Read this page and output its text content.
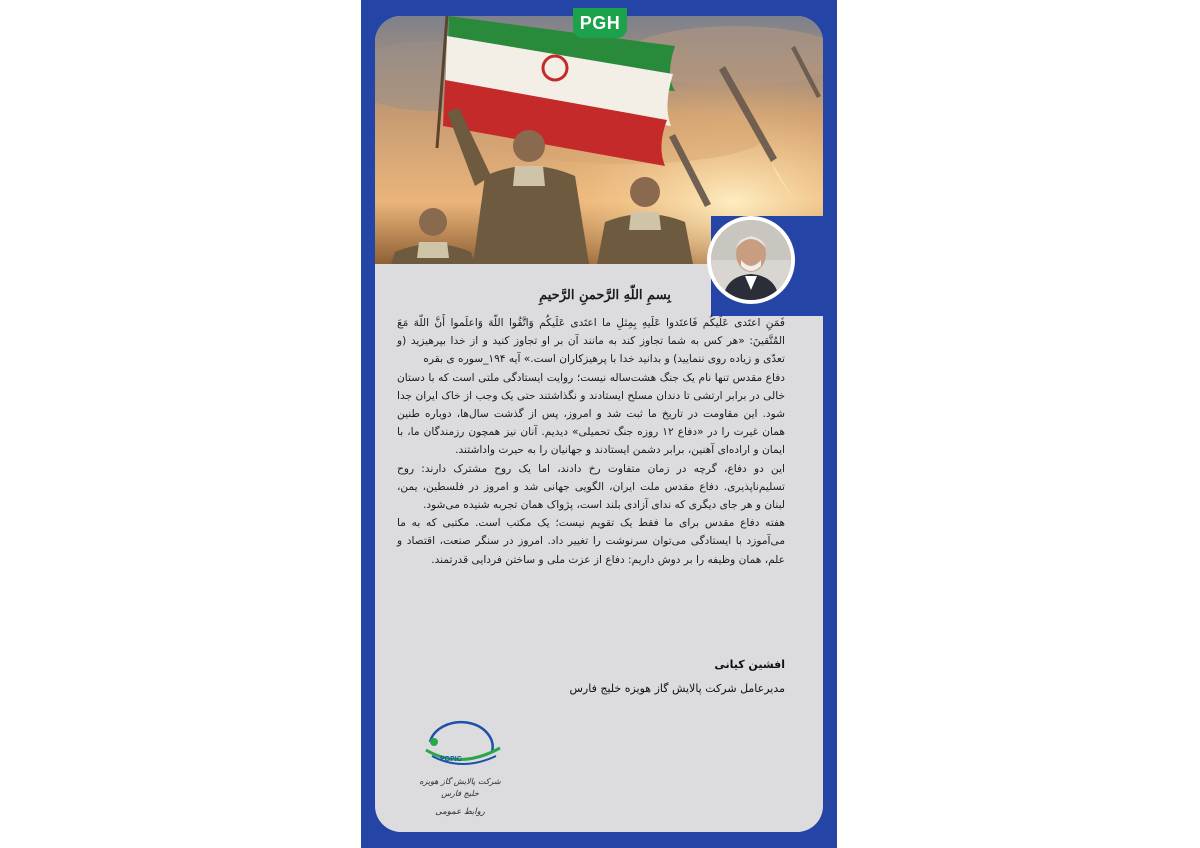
بِسمِ اللّهِ الرَّحمنِ الرَّحیمِ
PGH

فَمَنِ اعتَدى عَلَيكُم فَاعتَدوا عَلَيهِ بِمِثلِ ما اعتَدى عَلَيكُم وَاتَّقُوا اللّهَ وَاعلَموا أَنَّ اللّهَ مَعَ المُتَّقينَ: «هر کس به شما تجاوز کند به مانند آن بر او تجاوز کنید و از خدا بپرهیزید (و تعدّی و زیاده روی ننمایید) و بدانید خدا با پرهیزکاران است.» آیه ۱۹۴_سوره ی بقره

دفاع مقدس تنها نام یک جنگ هشت‌ساله نیست؛ روایت ایستادگی ملتی است که با دستان خالی در برابر ارتشی تا دندان مسلح ایستادند و نگذاشتند حتی یک وجب از خاک ایران جدا شود. این مقاومت در تاریخ ما ثبت شد و امروز، پس از گذشت سال‌ها، دوباره طنین همان غیرت را در «دفاع ۱۲ روزه جنگ تحمیلی» دیدیم. آنان نیز همچون رزمندگان ما، با ایمان و اراده‌ای آهنین، برابر دشمن ایستادند و جهانیان را به حیرت واداشتند.

این دو دفاع، گرچه در زمان متفاوت رخ دادند، اما یک روح مشترک دارند: روح تسلیم‌ناپذیری. دفاع مقدس ملت ایران، الگویی جهانی شد و امروز در فلسطین، یمن، لبنان و هر جای دیگری که ندای آزادی بلند است، پژواک همان تجربه شنیده می‌شود.

هفته دفاع مقدس برای ما فقط یک تقویم نیست؛ یک مکتب است. مکتبی که به ما می‌آموزد با ایستادگی می‌توان سرنوشت را تغییر داد. امروز در سنگر صنعت، اقتصاد و علم، همان وظیفه را بر دوش داریم: دفاع از عزت ملی و ساختن فردایی قدرتمند.

افشین کیانی
مدیرعامل شرکت پالایش گاز هویزه خلیج فارس
PGPIC
شرکت پالایش گاز هویزه خلیج فارس
روابط عمومی
